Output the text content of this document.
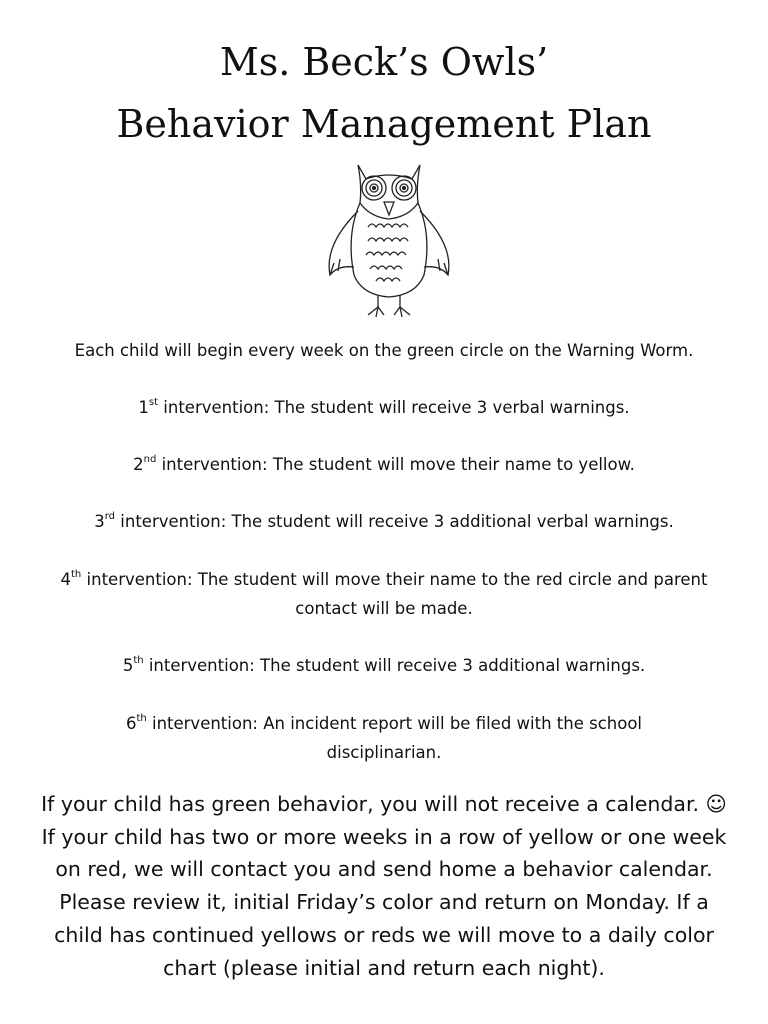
Ms. Beck’s Owls’
Behavior Management Plan
Each child will begin every week on the green circle on the Warning Worm.
1st intervention: The student will receive 3 verbal warnings.
2nd intervention: The student will move their name to yellow.
3rd intervention: The student will receive 3 additional verbal warnings.
4th intervention: The student will move their name to the red circle and parent contact will be made.
5th intervention: The student will receive 3 additional warnings.
6th intervention: An incident report will be filed with the school disciplinarian.
If your child has green behavior, you will not receive a calendar. ☺
If your child has two or more weeks in a row of yellow or one week
on red, we will contact you and send home a behavior calendar.
Please review it, initial Friday’s color and return on Monday. If a
child has continued yellows or reds we will move to a daily color
chart (please initial and return each night).
